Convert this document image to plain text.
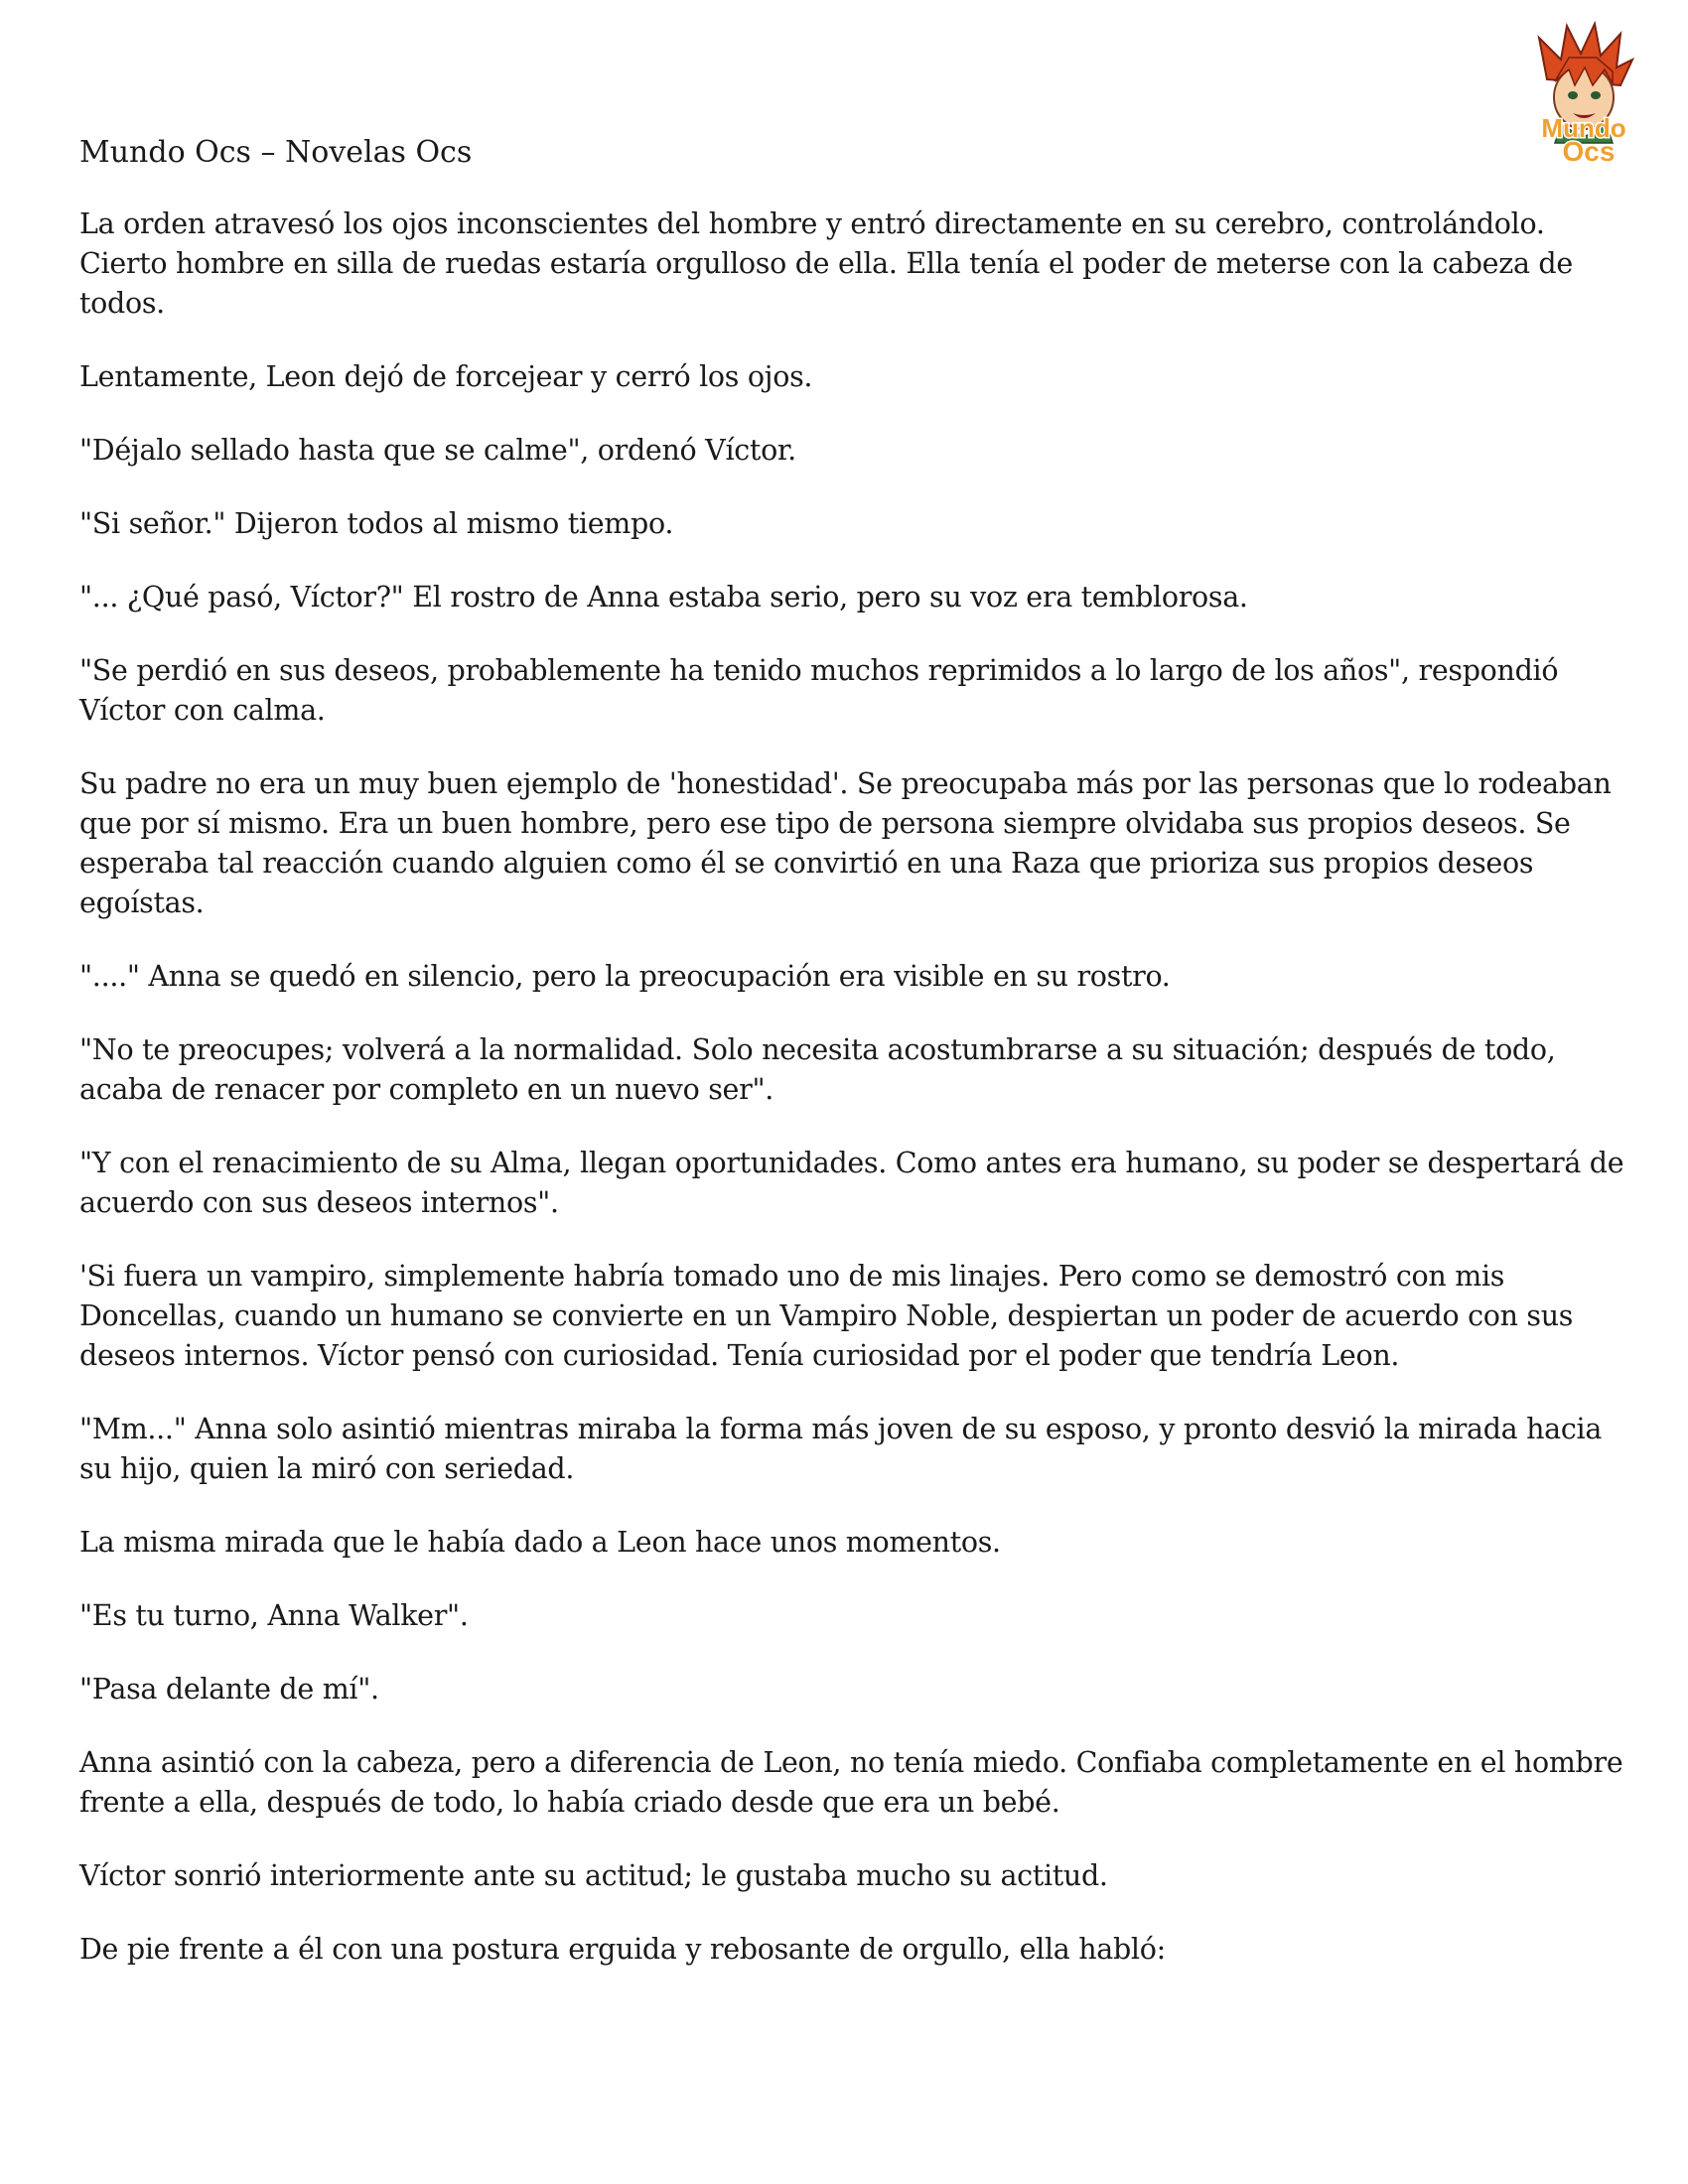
Mundo
Ocs

Mundo Ocs – Novelas Ocs

La orden atravesó los ojos inconscientes del hombre y entró directamente en su cerebro, controlándolo. Cierto hombre en silla de ruedas estaría orgulloso de ella. Ella tenía el poder de meterse con la cabeza de todos.

Lentamente, Leon dejó de forcejear y cerró los ojos.

"Déjalo sellado hasta que se calme", ordenó Víctor.

"Si señor." Dijeron todos al mismo tiempo.

"... ¿Qué pasó, Víctor?" El rostro de Anna estaba serio, pero su voz era temblorosa.

"Se perdió en sus deseos, probablemente ha tenido muchos reprimidos a lo largo de los años", respondió Víctor con calma.

Su padre no era un muy buen ejemplo de 'honestidad'. Se preocupaba más por las personas que lo rodeaban que por sí mismo. Era un buen hombre, pero ese tipo de persona siempre olvidaba sus propios deseos. Se esperaba tal reacción cuando alguien como él se convirtió en una Raza que prioriza sus propios deseos egoístas.

"...." Anna se quedó en silencio, pero la preocupación era visible en su rostro.

"No te preocupes; volverá a la normalidad. Solo necesita acostumbrarse a su situación; después de todo, acaba de renacer por completo en un nuevo ser".

"Y con el renacimiento de su Alma, llegan oportunidades. Como antes era humano, su poder se despertará de acuerdo con sus deseos internos".

'Si fuera un vampiro, simplemente habría tomado uno de mis linajes. Pero como se demostró con mis Doncellas, cuando un humano se convierte en un Vampiro Noble, despiertan un poder de acuerdo con sus deseos internos. Víctor pensó con curiosidad. Tenía curiosidad por el poder que tendría Leon.

"Mm..." Anna solo asintió mientras miraba la forma más joven de su esposo, y pronto desvió la mirada hacia su hijo, quien la miró con seriedad.

La misma mirada que le había dado a Leon hace unos momentos.

"Es tu turno, Anna Walker".

"Pasa delante de mí".

Anna asintió con la cabeza, pero a diferencia de Leon, no tenía miedo. Confiaba completamente en el hombre frente a ella, después de todo, lo había criado desde que era un bebé.

Víctor sonrió interiormente ante su actitud; le gustaba mucho su actitud.

De pie frente a él con una postura erguida y rebosante de orgullo, ella habló:
